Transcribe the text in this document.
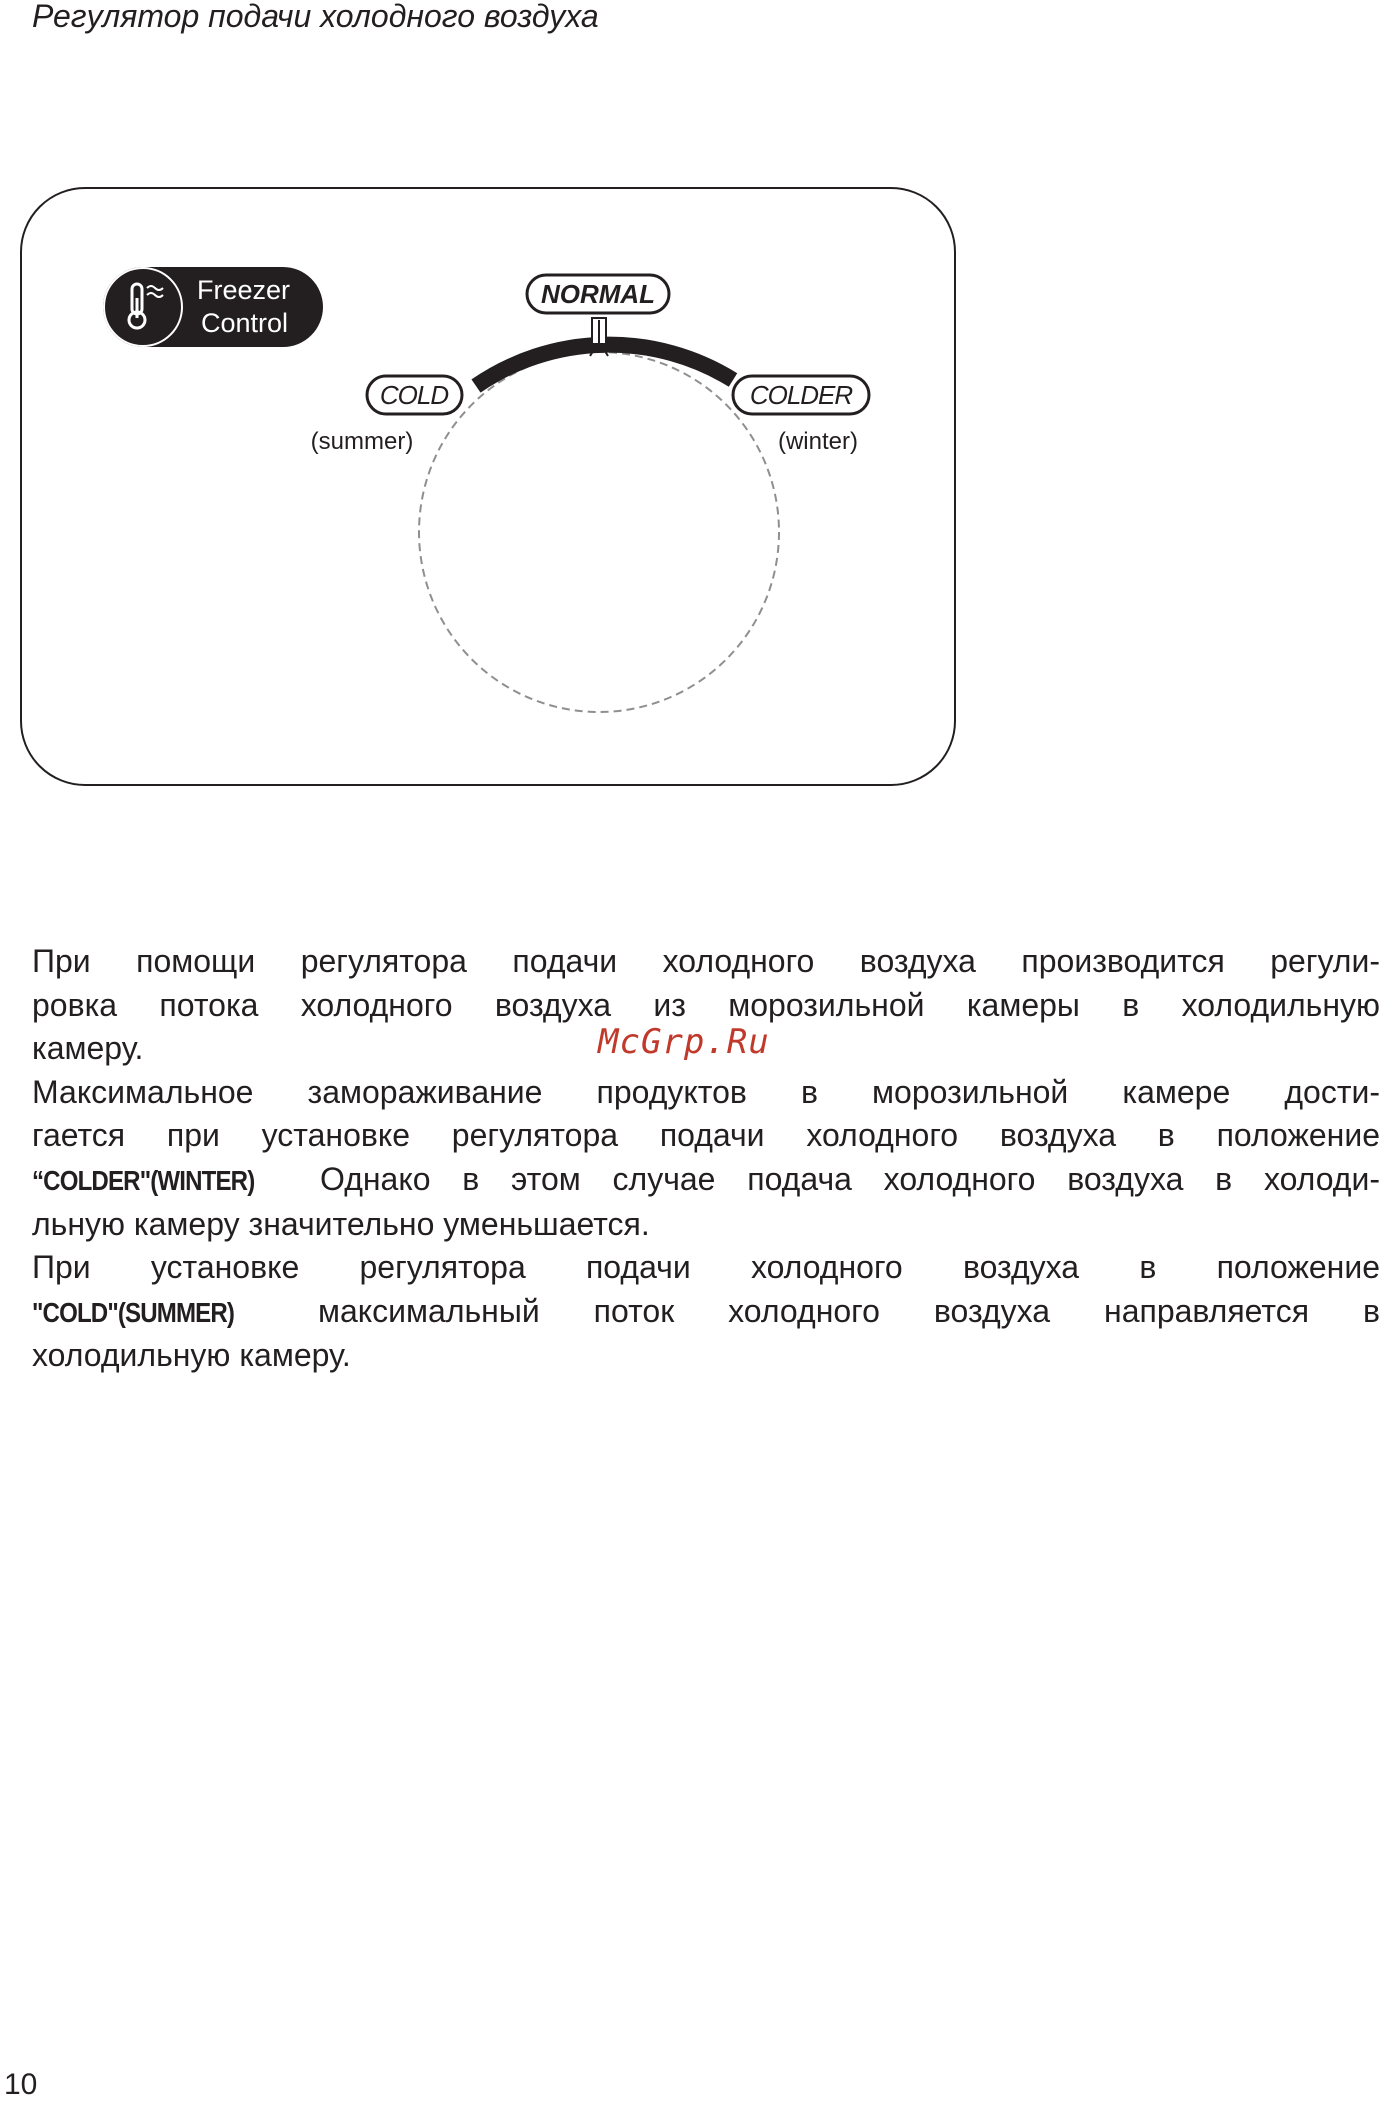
Регулятор подачи холодного воздуха
Freezer
Control
NORMAL
COLD
(summer)
COLDER
(winter)

При помощи регулятора подачи холодного воздуха производится регули-
ровка потока холодного воздуха из морозильной камеры в холодильную
камеру.

Максимальное замораживание продуктов в морозильной камере дости-
гается при установке регулятора подачи холодного воздуха в положение
“COLDER"(WINTER) Однако в этом случае подача холодного воздуха в холоди-
льную камеру значительно уменьшается.

При установке регулятора подачи холодного воздуха в положение
"COLD"(SUMMER)	максимальный поток холодного воздуха направляется в
холодильную камеру.

McGrp.Ru
10
